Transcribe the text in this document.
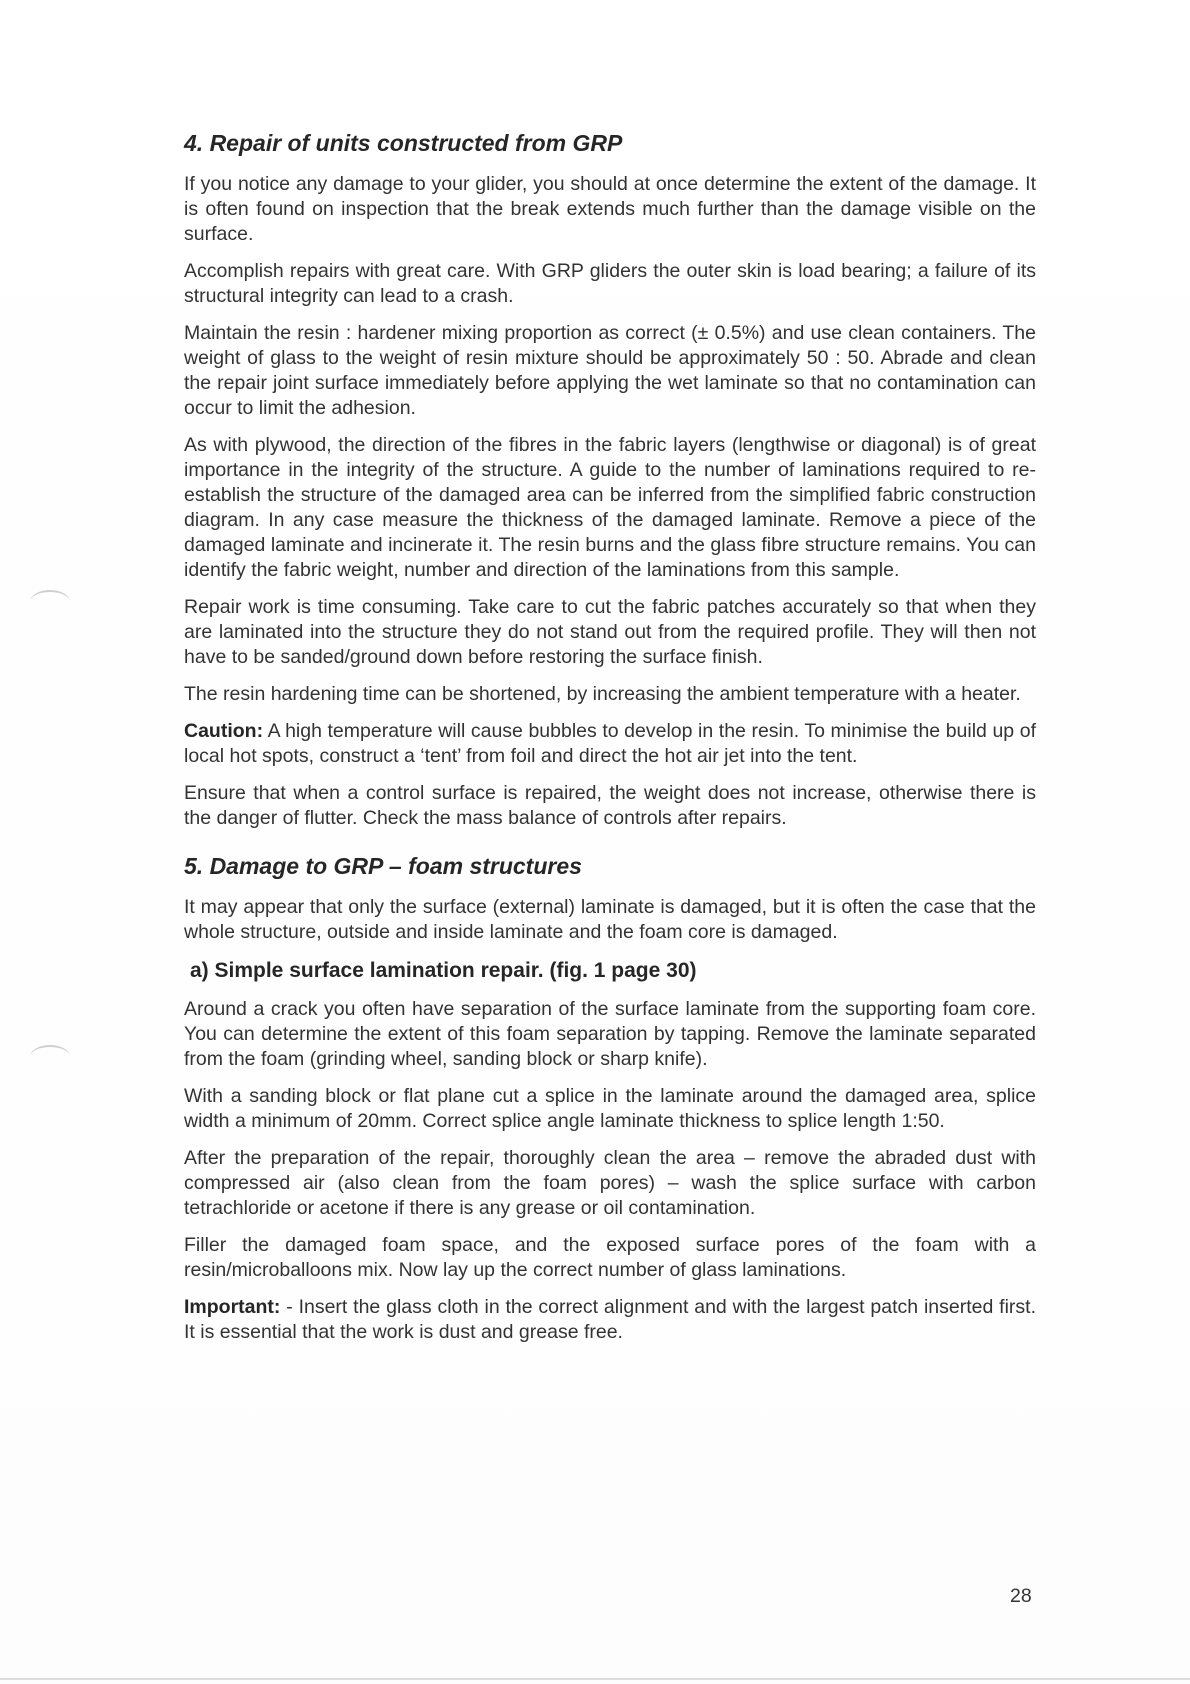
4. Repair of units constructed from GRP

If you notice any damage to your glider, you should at once determine the extent of the damage. It is often found on inspection that the break extends much further than the damage visible on the surface.

Accomplish repairs with great care. With GRP gliders the outer skin is load bearing; a failure of its structural integrity can lead to a crash.

Maintain the resin : hardener mixing proportion as correct (± 0.5%) and use clean containers. The weight of glass to the weight of resin mixture should be approximately 50 : 50. Abrade and clean the repair joint surface immediately before applying the wet laminate so that no contamination can occur to limit the adhesion.

As with plywood, the direction of the fibres in the fabric layers (lengthwise or diagonal) is of great importance in the integrity of the structure. A guide to the number of laminations required to re-establish the structure of the damaged area can be inferred from the simplified fabric construction diagram. In any case measure the thickness of the damaged laminate. Remove a piece of the damaged laminate and incinerate it. The resin burns and the glass fibre structure remains. You can identify the fabric weight, number and direction of the laminations from this sample.

Repair work is time consuming. Take care to cut the fabric patches accurately so that when they are laminated into the structure they do not stand out from the required profile. They will then not have to be sanded/ground down before restoring the surface finish.

The resin hardening time can be shortened, by increasing the ambient temperature with a heater.

Caution: A high temperature will cause bubbles to develop in the resin. To minimise the build up of local hot spots, construct a ‘tent’ from foil and direct the hot air jet into the tent.

Ensure that when a control surface is repaired, the weight does not increase, otherwise there is the danger of flutter. Check the mass balance of controls after repairs.

5. Damage to GRP – foam structures

It may appear that only the surface (external) laminate is damaged, but it is often the case that the whole structure, outside and inside laminate and the foam core is damaged.

a) Simple surface lamination repair. (fig. 1 page 30)

Around a crack you often have separation of the surface laminate from the supporting foam core. You can determine the extent of this foam separation by tapping. Remove the laminate separated from the foam (grinding wheel, sanding block or sharp knife).

With a sanding block or flat plane cut a splice in the laminate around the damaged area, splice width a minimum of 20mm. Correct splice angle laminate thickness to splice length 1:50.

After the preparation of the repair, thoroughly clean the area – remove the abraded dust with compressed air (also clean from the foam pores) – wash the splice surface with carbon tetrachloride or acetone if there is any grease or oil contamination.

Filler the damaged foam space, and the exposed surface pores of the foam with a resin/microballoons mix. Now lay up the correct number of glass laminations.

Important: - Insert the glass cloth in the correct alignment and with the largest patch inserted first. It is essential that the work is dust and grease free.

28
